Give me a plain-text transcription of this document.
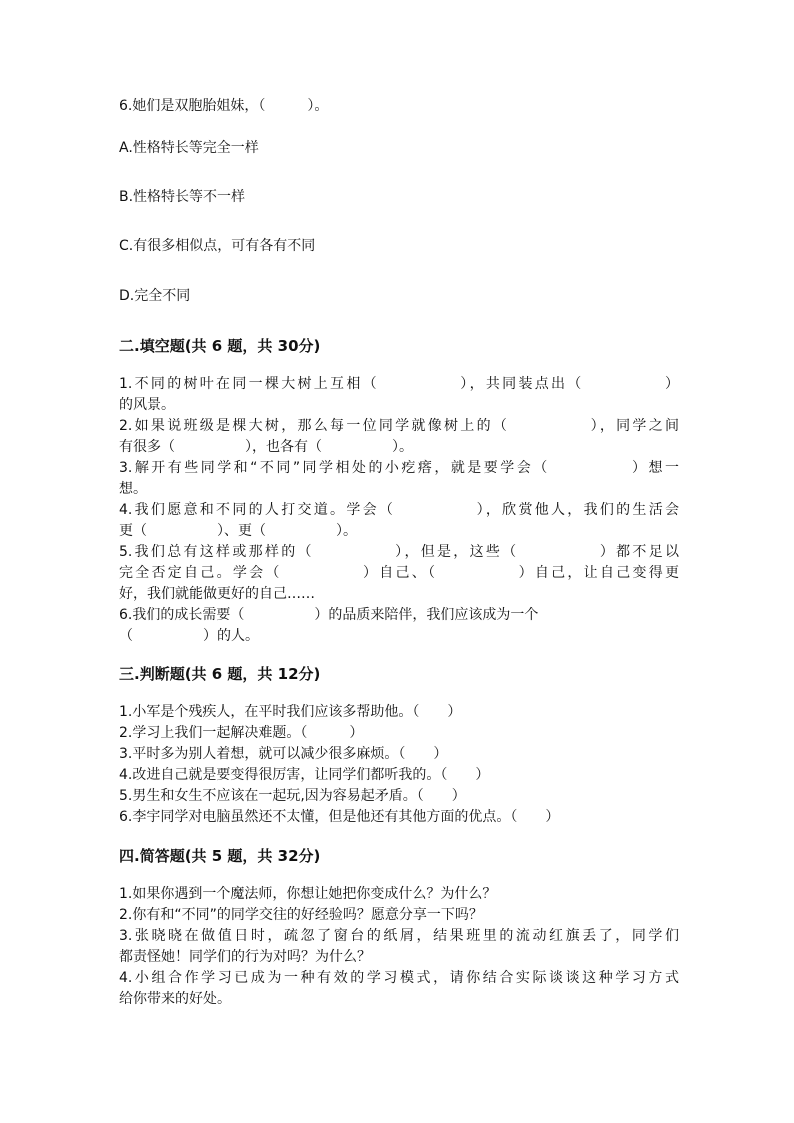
6.她们是双胞胎姐妹，（　　　）。
A.性格特长等完全一样
B.性格特长等不一样
C.有很多相似点，可有各有不同
D.完全不同
二.填空题(共 6 题，共 30分)
1.不同的树叶在同一棵大树上互相（　　　　　），共同装点出（　　　　　）
的风景。
2.如果说班级是棵大树，那么每一位同学就像树上的（　　　　　），同学之间
有很多（　　　　　），也各有（　　　　　）。
3.解开有些同学和“不同”同学相处的小疙瘩，就是要学会（　　　　　）想一
想。
4.我们愿意和不同的人打交道。学会（　　　　　），欣赏他人，我们的生活会
更（　　　　　）、更（　　　　　）。
5.我们总有这样或那样的（　　　　　），但是，这些（　　　　　）都不足以
完全否定自己。学会（　　　　　）自己、（　　　　　）自己，让自己变得更
好，我们就能做更好的自己……
6.我们的成长需要（　　　　　）的品质来陪伴，我们应该成为一个
（　　　　　）的人。
三.判断题(共 6 题，共 12分)
1.小军是个残疾人，在平时我们应该多帮助他。（　　）
2.学习上我们一起解决难题。（　　　）
3.平时多为别人着想，就可以减少很多麻烦。（　　）
4.改进自己就是要变得很厉害，让同学们都听我的。（　　）
5.男生和女生不应该在一起玩,因为容易起矛盾。（　　）
6.李宇同学对电脑虽然还不太懂，但是他还有其他方面的优点。（　　）
四.简答题(共 5 题，共 32分)
1.如果你遇到一个魔法师，你想让她把你变成什么？为什么？
2.你有和“不同”的同学交往的好经验吗？愿意分享一下吗？
3.张晓晓在做值日时，疏忽了窗台的纸屑，结果班里的流动红旗丢了，同学们
都责怪她！同学们的行为对吗？为什么？
4.小组合作学习已成为一种有效的学习模式，请你结合实际谈谈这种学习方式
给你带来的好处。
